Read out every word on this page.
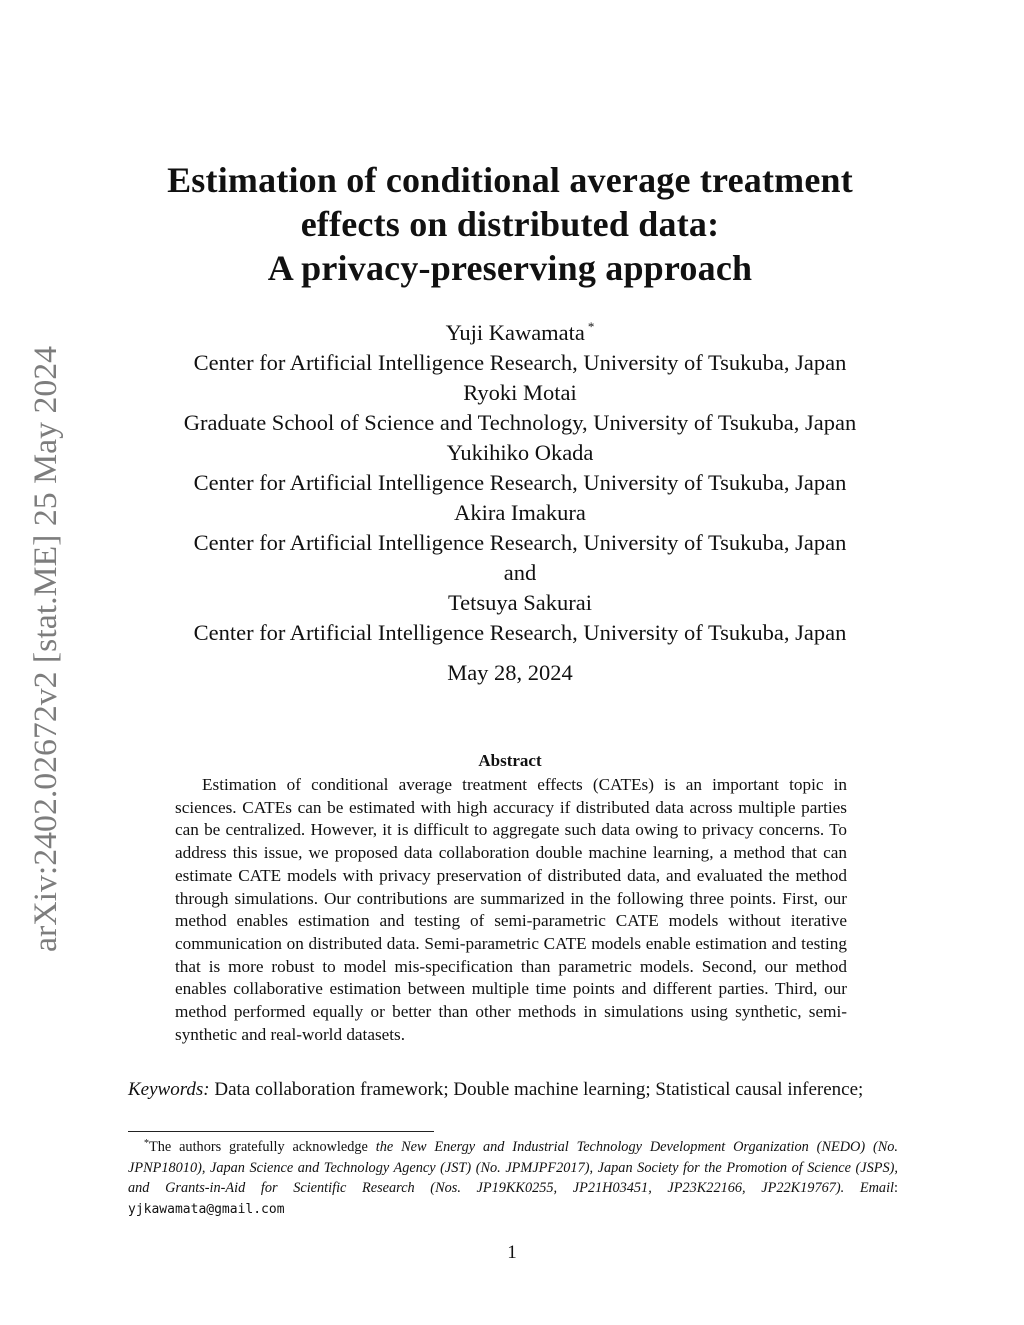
arXiv:2402.02672v2 [stat.ME] 25 May 2024
Estimation of conditional average treatment
effects on distributed data:
A privacy-preserving approach
Yuji Kawamata *
Center for Artificial Intelligence Research, University of Tsukuba, Japan
Ryoki Motai
Graduate School of Science and Technology, University of Tsukuba, Japan
Yukihiko Okada
Center for Artificial Intelligence Research, University of Tsukuba, Japan
Akira Imakura
Center for Artificial Intelligence Research, University of Tsukuba, Japan
and
Tetsuya Sakurai
Center for Artificial Intelligence Research, University of Tsukuba, Japan
May 28, 2024
Abstract
Estimation of conditional average treatment effects (CATEs) is an important topic in sciences. CATEs can be estimated with high accuracy if distributed data across multiple parties can be centralized. However, it is difficult to aggregate such data owing to privacy concerns. To address this issue, we proposed data collaboration double machine learning, a method that can estimate CATE models with privacy preservation of distributed data, and evaluated the method through simulations. Our contributions are summarized in the following three points. First, our method enables estimation and testing of semi-parametric CATE models without iterative communication on distributed data. Semi-parametric CATE models enable estimation and testing that is more robust to model mis-specification than parametric models. Second, our method enables collaborative estimation between multiple time points and different parties. Third, our method performed equally or better than other methods in simulations using synthetic, semi-synthetic and real-world datasets.
Keywords: Data collaboration framework; Double machine learning; Statistical causal inference;
*The authors gratefully acknowledge the New Energy and Industrial Technology Development Organization (NEDO) (No. JPNP18010), Japan Science and Technology Agency (JST) (No. JPMJPF2017), Japan Society for the Promotion of Science (JSPS), and Grants-in-Aid for Scientific Research (Nos. JP19KK0255, JP21H03451, JP23K22166, JP22K19767). Email: yjkawamata@gmail.com
1
